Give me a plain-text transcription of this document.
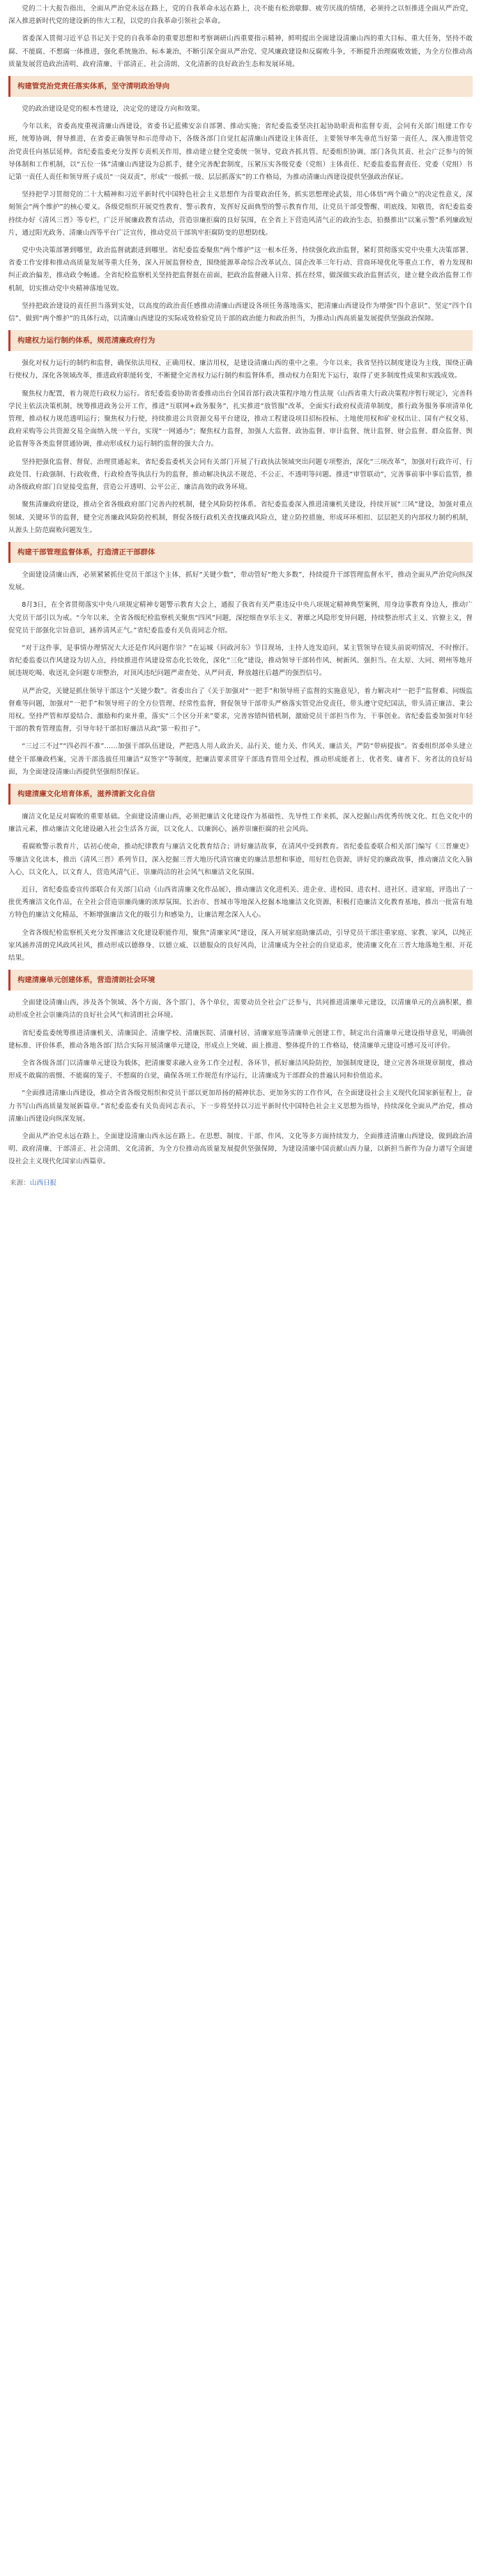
党的二十大报告指出，全面从严治党永远在路上，党的自我革命永远在路上，决不能有松劲歇脚、疲劳厌战的情绪，必须持之以恒推进全面从严治党，深入推进新时代党的建设新的伟大工程，以党的自我革命引领社会革命。

省委深入贯彻习近平总书记关于党的自我革命的重要思想和考察调研山西重要指示精神，鲜明提出全面建设清廉山西的重大目标、重大任务，坚持不敢腐、不能腐、不想腐一体推进，强化系统施治、标本兼治，不断引深全面从严治党、党风廉政建设和反腐败斗争，不断提升治理腐败效能，为全方位推动高质量发展营造政治清明、政府清廉、干部清正、社会清朗、文化清新的良好政治生态和发展环境。

构建管党治党责任落实体系，坚守清明政治导向

党的政治建设是党的根本性建设，决定党的建设方向和效果。

今年以来，省委高度重视清廉山西建设，省委书记蓝佛安亲自部署、推动实施；省纪委监委坚决扛起协助职责和监督专责，会同有关部门组建工作专班，统筹协调，督导推进，在省委正确领导和示范带动下，各级各部门自觉扛起清廉山西建设主体责任，主要领导率先垂范当好第一责任人，深入推进管党治党责任向基层延伸。省纪委监委充分发挥专责机关作用，推动建立健全党委统一领导、党政齐抓共管、纪委组织协调、部门各负其责、社会广泛参与的领导体制和工作机制，以“五位一体”清廉山西建设为总抓手，健全完善配套制度，压紧压实各级党委（党组）主体责任、纪委监委监督责任、党委（党组）书记第一责任人责任和领导班子成员“一岗双责”，形成“一级抓一级、层层抓落实”的工作格局，为推动清廉山西建设提供坚强政治保证。

坚持把学习贯彻党的二十大精神和习近平新时代中国特色社会主义思想作为首要政治任务，抓实思想理论武装，用心体悟“两个确立”的决定性意义，深刻领会“两个维护”的核心要义。各级党组织开展党性教育、警示教育，发挥好反面典型的警示教育作用，让党员干部受警醒、明底线、知敬畏，省纪委监委持续办好《清风三晋》等专栏，广泛开展廉政教育活动，营造崇廉拒腐的良好氛围，在全省上下营造风清气正的政治生态，拍摄推出“以案示警”系列廉政短片，通过阳光政务、清廉山西等平台广泛宣传，推动党员干部筑牢拒腐防变的思想防线。

党中央决策部署到哪里，政治监督就跟进到哪里。省纪委监委聚焦“两个维护”这一根本任务，持续强化政治监督，紧盯贯彻落实党中央重大决策部署、省委工作安排和推动高质量发展等重大任务，深入开展监督检查，围绕能源革命综合改革试点、国企改革三年行动、营商环境优化等重点工作，着力发现和纠正政治偏差，推动政令畅通。全省纪检监察机关坚持把监督挺在前面，把政治监督融入日常、抓在经常，做深做实政治监督活页，建立健全政治监督工作机制，切实推动党中央精神落地见效。

坚持把政治建设的责任担当落到实处，以高度的政治责任感推动清廉山西建设各项任务落地落实，把清廉山西建设作为增强“四个意识”、坚定“四个自信”、做到“两个维护”的具体行动，以清廉山西建设的实际成效检验党员干部的政治能力和政治担当，为推动山西高质量发展提供坚强政治保障。

构建权力运行制约体系，规范清廉政府行为

强化对权力运行的制约和监督，确保依法用权、正确用权、廉洁用权，是建设清廉山西的重中之重。今年以来，我省坚持以制度建设为主线，围绕正确行使权力，深化各领域改革，推进政府职能转变，不断健全完善权力运行制约和监督体系，推动权力在阳光下运行，取得了更多制度性成果和实践成效。

聚焦权力配置，着力规范行政权力运行。省纪委监委协助省委推动出台全国首部行政决策程序地方性法规《山西省重大行政决策程序暂行规定》，完善科学民主依法决策机制，统筹推进政务公开工作，推进“互联网+政务服务”，扎实推进“放管服”改革，全面实行政府权责清单制度，推行政务服务事项清单化管理，推动权力规范透明运行；聚焦权力行使，持续推进公共资源交易平台建设，推动工程建设项目招标投标、土地使用权和矿业权出让、国有产权交易、政府采购等公共资源交易全面纳入统一平台，实现“一网通办”；聚焦权力监督，加强人大监督、政协监督、审计监督、统计监督、财会监督、群众监督、舆论监督等各类监督贯通协调，推动形成权力运行制约监督的强大合力。

坚持把强化监督、督促、治理贯通起来，省纪委监委机关会同有关部门开展了行政执法领域突出问题专项整治，深化“三项改革”，加强对行政许可、行政处罚、行政强制、行政收费、行政检查等执法行为的监督，推动解决执法不规范、不公正、不透明等问题。推进“审管联动”，完善事前事中事后监管，推动各级政府部门自觉接受监督，营造公开透明、公平公正、廉洁高效的政务环境。

聚焦清廉政府建设，推动全省各级政府部门完善内控机制，健全风险防控体系。省纪委监委深入推进清廉机关建设，持续开展“三风”建设，加强对重点领域、关键环节的监督，健全完善廉政风险防控机制，督促各级行政机关查找廉政风险点，建立防控措施，形成环环相扣、层层把关的内部权力制约机制，从源头上防范腐败问题发生。

构建干部管理监督体系，打造清正干部群体

全面建设清廉山西，必须紧紧抓住党员干部这个主体，抓好“关键少数”，带动管好“绝大多数”，持续提升干部管理监督水平，推动全面从严治党向纵深发展。

8月3日，在全省贯彻落实中央八项规定精神专题警示教育大会上，通报了我省有关严重违反中央八项规定精神典型案例，用身边事教育身边人，推动广大党员干部引以为戒。“今年以来，全省各级纪检监察机关聚焦“四风”问题，深挖细查享乐主义、奢靡之风隐形变异问题，持续整治形式主义、官僚主义，督促党员干部强化宗旨意识，涵养清风正气。”省纪委监委有关负责同志介绍。

“对于这件事，是事情办理情况大大还是作风问题作崇？”在运城《问政河东》节目现场，主持人连发追问，某主管领导在镜头前说明情况，不时擦汗。省纪委监委以作风建设为切入点，持续推进作风建设常态化长效化，深化“三化”建设，推动领导干部转作风、树新风、强担当。在太原、大同、朔州等地开展违规吃喝、收送礼金问题专项整治，对顶风违纪问题严肃查处、从严问责，释放越往后越严的强烈信号。

从严治党，关键是抓住领导干部这个“关键少数”。省委出台了《关于加强对“一把手”和领导班子监督的实施意见》，着力解决对“一把手”监督难、同级监督难等问题，加强对“一把手”和领导班子的全方位管理、经常性监督，督促领导干部带头严格落实管党治党责任，带头遵守党纪国法，带头清正廉洁、秉公用权。坚持严管和厚爱结合、激励和约束并重，落实“三个区分开来”要求，完善容错纠错机制，激励党员干部担当作为、干事创业。省纪委监委加强对年轻干部的教育管理监督，引导年轻干部扣好廉洁从政“第一粒扣子”。

“三过三不过”“四必四不准”……加强干部队伍建设，严把选人用人政治关、品行关、能力关、作风关、廉洁关，严防“带病提拔”。省委组织部牵头建立健全干部廉政档案，完善干部选拔任用廉洁“双签字”等制度，把廉洁要求贯穿干部选育管用全过程，推动形成能者上、优者奖、庸者下、劣者汰的良好局面，为全面建设清廉山西提供坚强组织保证。

构建清廉文化培育体系，滋养清新文化自信

廉洁文化是反对腐败的重要基础。全面建设清廉山西，必须把廉洁文化建设作为基础性、先导性工作来抓，深入挖掘山西优秀传统文化、红色文化中的廉洁元素，推动廉洁文化建设融入社会生活各方面，以文化人、以廉润心，涵养崇廉拒腐的社会风尚。

看腐败警示教育片，话初心使命，推动纪律教育与廉洁文化教育结合；讲好廉洁故事，在清风中受到教育。省纪委监委联合相关部门编写《三晋廉吏》等廉洁文化读本，推出《清风三晋》系列节目，深入挖掘三晋大地历代清官廉吏的廉洁思想和事迹，用好红色资源，讲好党的廉政故事，推动廉洁文化入脑入心，以文化人，以文育人，营造风清气正、崇廉尚洁的社会风气和廉洁文化氛围。

近日，省纪委监委宣传部联合有关部门启动《山西省清廉文化作品展》，推动廉洁文化进机关、进企业、进校园、进农村、进社区、进家庭，评选出了一批优秀廉洁文化作品，在全社会营造崇廉尚廉的浓厚氛围。长治市、晋城市等地深入挖掘本地廉洁文化资源，积极打造廉洁文化教育基地，推出一批富有地方特色的廉洁文化精品，不断增强廉洁文化的吸引力和感染力，让廉洁理念深入人心。

全省各级纪检监察机关充分发挥廉洁文化建设职能作用，聚焦“清廉家风”建设，深入开展家庭助廉活动，引导党员干部注重家庭、家教、家风，以纯正家风涵养清朗党风政风社风，推动形成以德修身、以德立威、以德服众的良好风尚，让清廉成为全社会的自觉追求，使清廉文化在三晋大地落地生根、开花结果。

构建清廉单元创建体系，营造清朗社会环境

全面建设清廉山西，涉及各个领域、各个方面、各个部门、各个单位，需要动员全社会广泛参与，共同推进清廉单元建设，以清廉单元的点滴积累，推动形成全社会崇廉尚洁的良好社会风气和清朗社会环境。

省纪委监委统筹推进清廉机关、清廉国企、清廉学校、清廉医院、清廉村居、清廉家庭等清廉单元创建工作，制定出台清廉单元建设指导意见，明确创建标准、评价体系，推动各地各部门结合实际开展清廉单元建设，形成点上突破、面上推进、整体提升的工作格局，使清廉单元建设可感可及可评价。

全省各级各部门以清廉单元建设为载体，把清廉要求融入业务工作全过程、各环节，抓好廉洁风险防控，加强制度建设，建立完善各项规章制度，推动形成不敢腐的震慑、不能腐的笼子、不想腐的自觉，确保各项工作规范有序运行，让清廉成为干部群众的普遍认同和价值追求。

“全面推进清廉山西建设，推动全省各级党组织和党员干部以更加昂扬的精神状态、更加务实的工作作风，在全面建设社会主义现代化国家新征程上，奋力书写山西高质量发展新篇章。”省纪委监委有关负责同志表示，下一步将坚持以习近平新时代中国特色社会主义思想为指导，持续深化全面从严治党，推动清廉山西建设向纵深发展。

全面从严治党永远在路上，全面建设清廉山西永远在路上。在思想、制度、干部、作风、文化等多方面持续发力，全面推进清廉山西建设，做到政治清明、政府清廉、干部清正、社会清朗、文化清新，为全方位推动高质量发展提供坚强保障，为建设清廉中国贡献山西力量，以新担当新作为奋力谱写全面建设社会主义现代化国家山西篇章。

来源：山西日报
